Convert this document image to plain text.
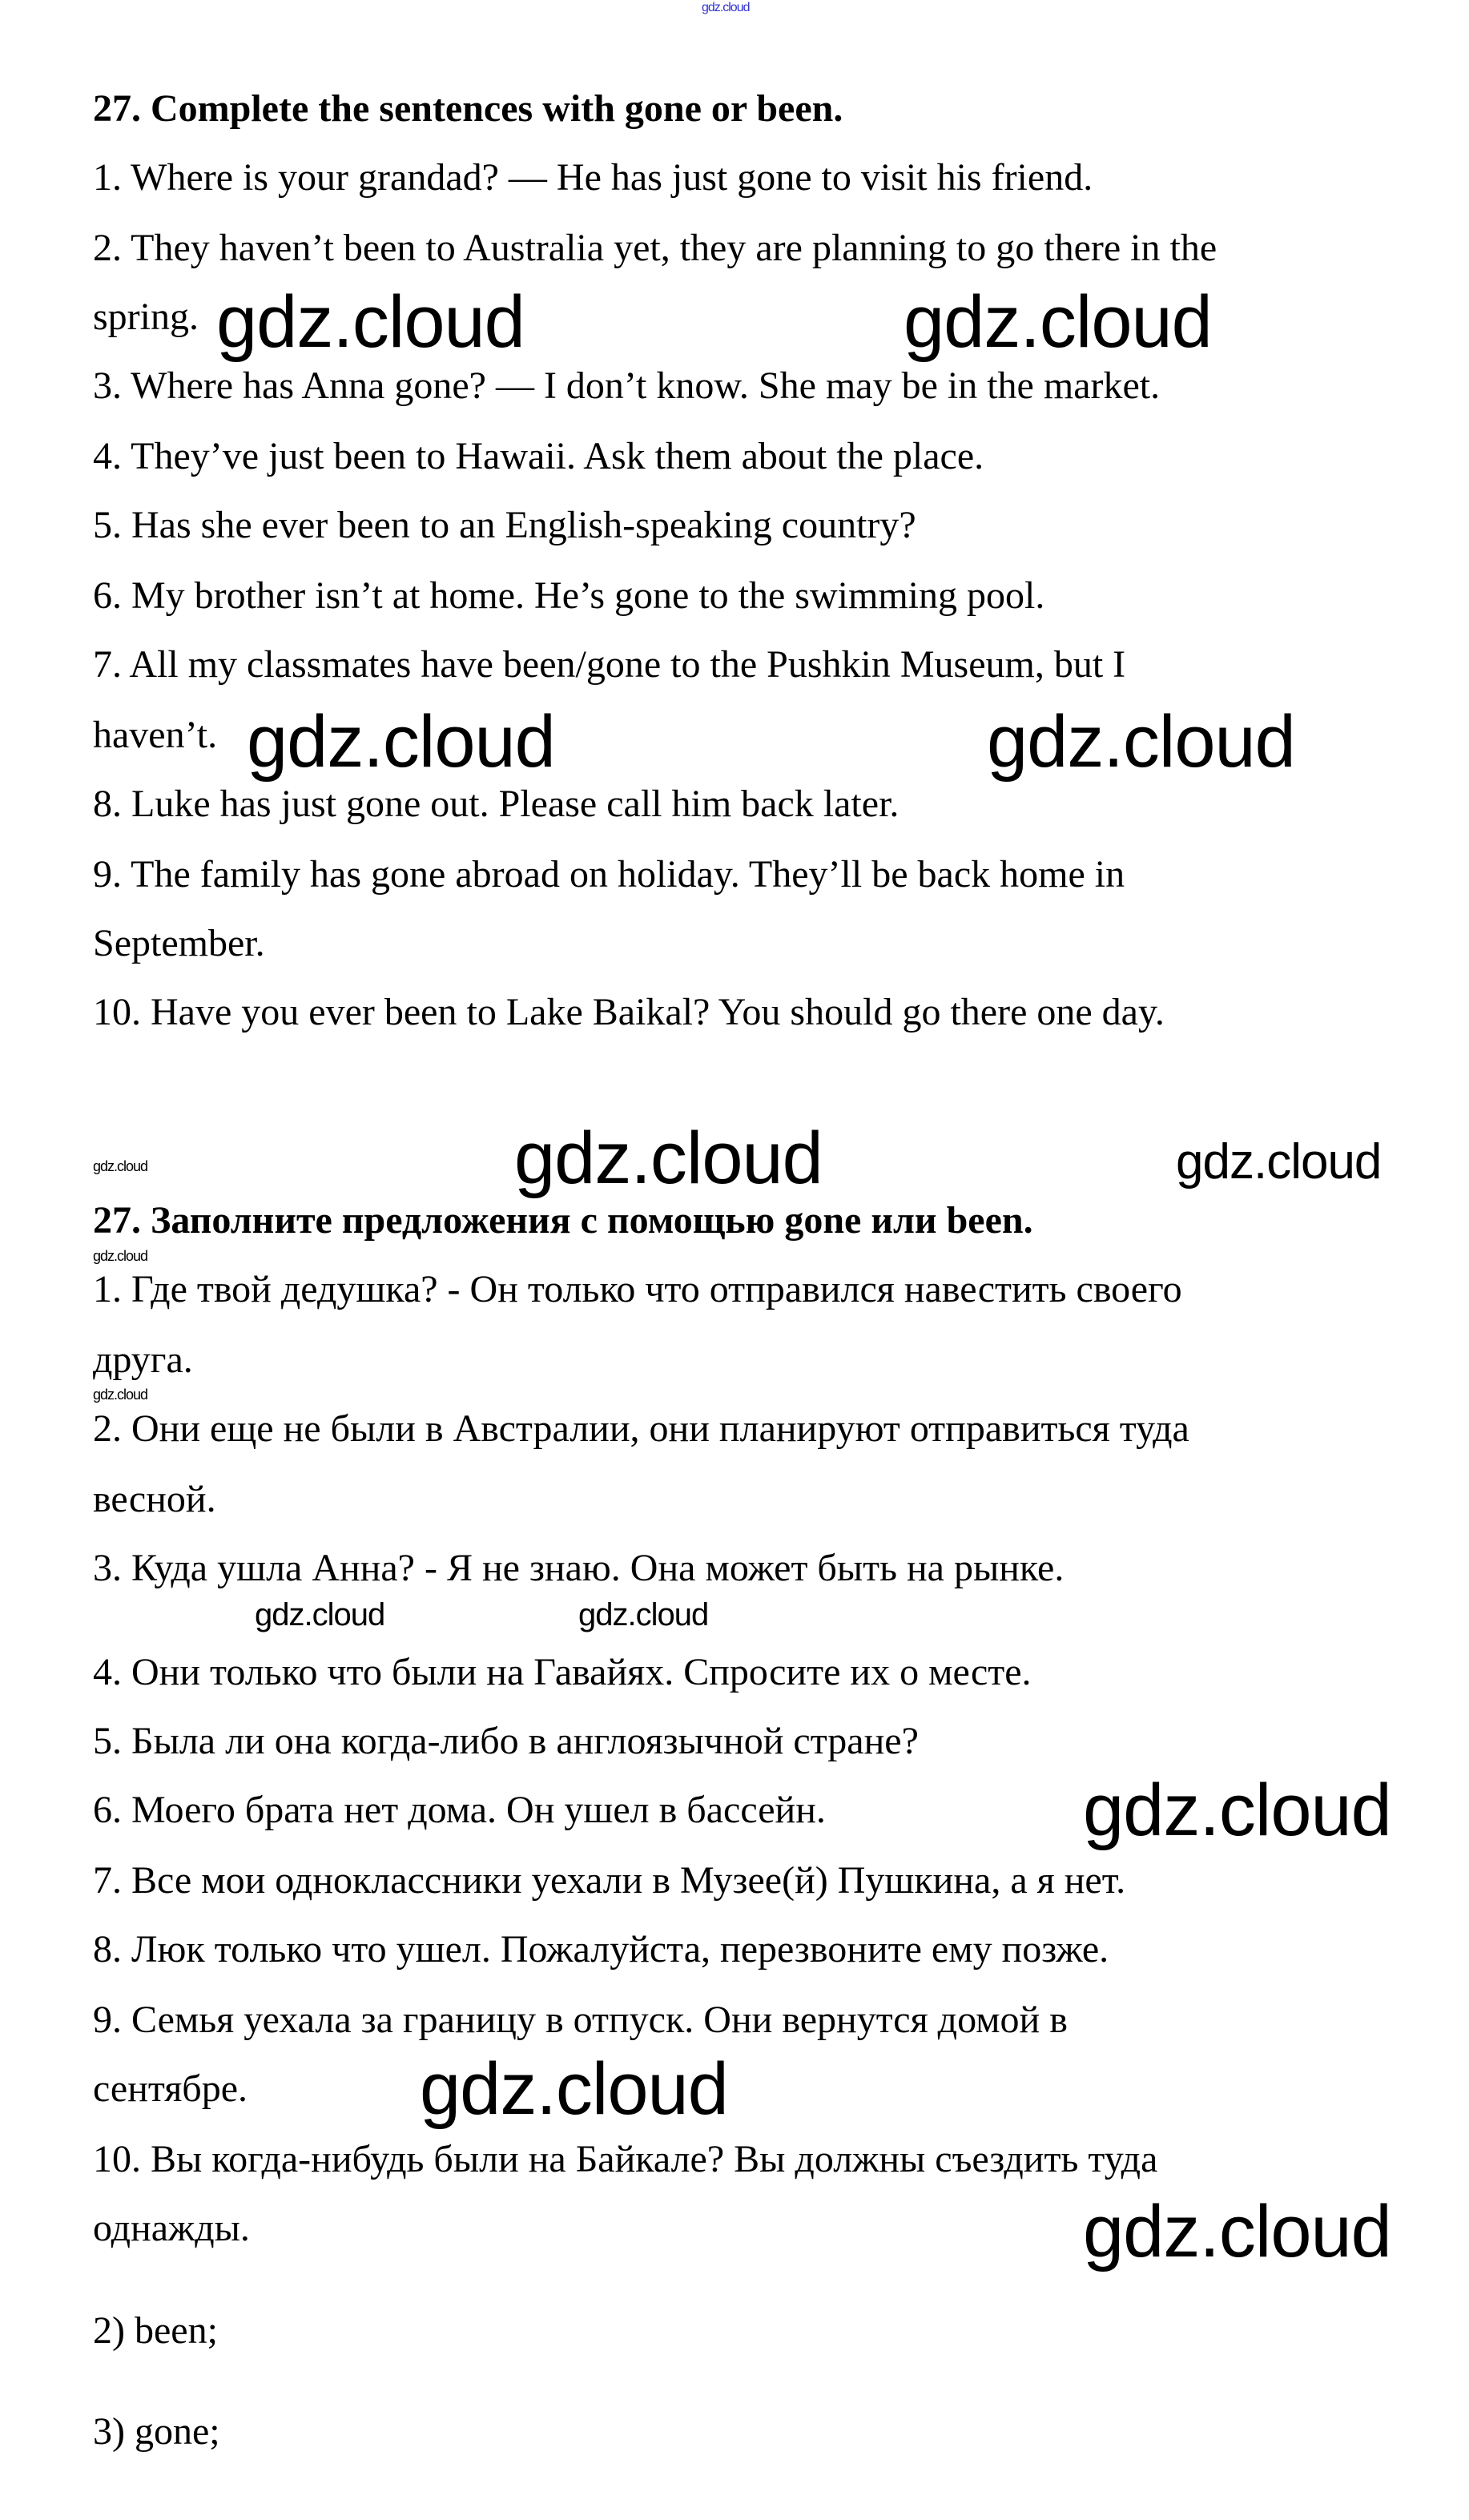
27. Complete the sentences with gone or been.
1. Where is your grandad? — He has just gone to visit his friend.
2. They haven’t been to Australia yet, they are planning to go there in the
spring.
3. Where has Anna gone? — I don’t know. She may be in the market.
4. They’ve just been to Hawaii. Ask them about the place.
5. Has she ever been to an English-speaking country?
6. My brother isn’t at home. He’s gone to the swimming pool.
7. All my classmates have been/gone to the Pushkin Museum, but I
haven’t.
8. Luke has just gone out. Please call him back later.
9. The family has gone abroad on holiday. They’ll be back home in
September.
10. Have you ever been to Lake Baikal? You should go there one day.
27. Заполните предложения с помощью gone или been.
1. Где твой дедушка? - Он только что отправился навестить своего
друга.
2. Они еще не были в Австралии, они планируют отправиться туда
весной.
3. Куда ушла Анна? - Я не знаю. Она может быть на рынке.
4. Они только что были на Гавайях. Спросите их о месте.
5. Была ли она когда-либо в англоязычной стране?
6. Моего брата нет дома. Он ушел в бассейн.
7. Все мои одноклассники уехали в Музее(й) Пушкина, а я нет.
8. Люк только что ушел. Пожалуйста, перезвоните ему позже.
9. Семья уехала за границу в отпуск. Они вернутся домой в
сентябре.
10. Вы когда-нибудь были на Байкале? Вы должны съездить туда
однажды.
2) been;
3) gone;
gdz.cloud
gdz.cloud	gdz.cloud
gdz.cloud	gdz.cloud
gdz.cloud	gdz.cloud
gdz.cloud
gdz.cloud
gdz.cloud
gdz.cloud	gdz.cloud
gdz.cloud
gdz.cloud
gdz.cloud
